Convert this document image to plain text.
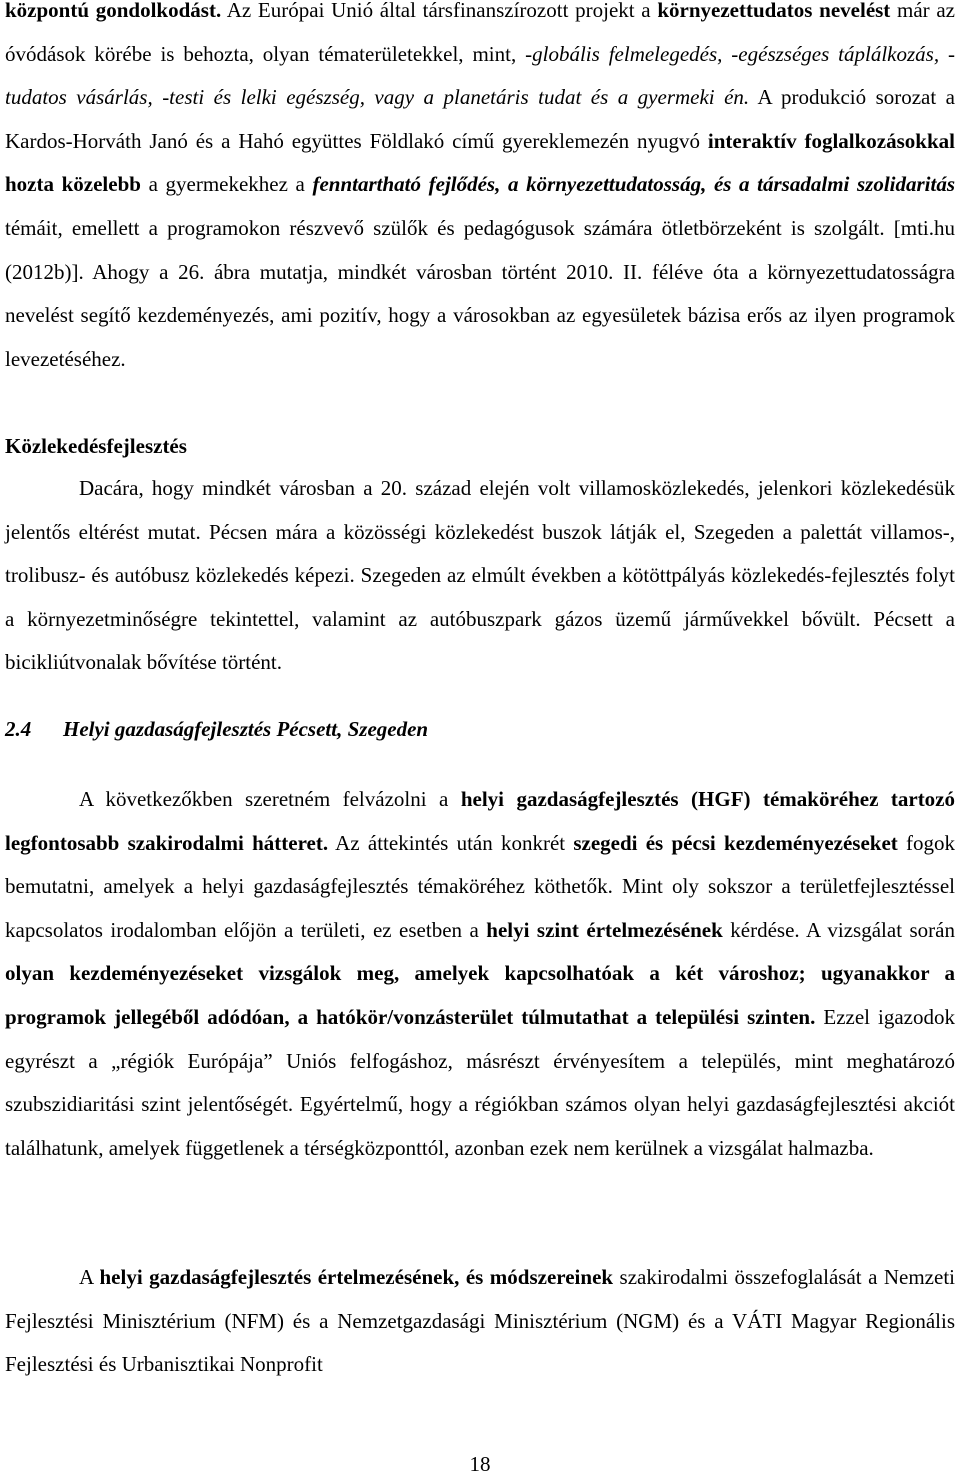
központú gondolkodást. Az Európai Unió által társfinanszírozott projekt a környezettudatos nevelést már az óvódások körébe is behozta, olyan tématerületekkel, mint, -globális felmelegedés, -egészséges táplálkozás, -tudatos vásárlás, -testi és lelki egészség, vagy a planetáris tudat és a gyermeki én. A produkció sorozat a Kardos-Horváth Janó és a Hahó együttes Földlakó című gyereklemezén nyugvó interaktív foglalkozásokkal hozta közelebb a gyermekekhez a fenntartható fejlődés, a környezettudatosság, és a társadalmi szolidaritás témáit, emellett a programokon részvevő szülők és pedagógusok számára ötletbörzeként is szolgált. [mti.hu (2012b)]. Ahogy a 26. ábra mutatja, mindkét városban történt 2010. II. féléve óta a környezettudatosságra nevelést segítő kezdeményezés, ami pozitív, hogy a városokban az egyesületek bázisa erős az ilyen programok levezetéséhez.
Közlekedésfejlesztés
Dacára, hogy mindkét városban a 20. század elején volt villamosközlekedés, jelenkori közlekedésük jelentős eltérést mutat. Pécsen mára a közösségi közlekedést buszok látják el, Szegeden a palettát villamos-, trolibusz- és autóbusz közlekedés képezi. Szegeden az elmúlt években a kötöttpályás közlekedés-fejlesztés folyt a környezetminőségre tekintettel, valamint az autóbuszpark gázos üzemű járművekkel bővült. Pécsett a bicikliútvonalak bővítése történt.
2.4 Helyi gazdaságfejlesztés Pécsett, Szegeden
A következőkben szeretném felvázolni a helyi gazdaságfejlesztés (HGF) témaköréhez tartozó legfontosabb szakirodalmi hátteret. Az áttekintés után konkrét szegedi és pécsi kezdeményezéseket fogok bemutatni, amelyek a helyi gazdaságfejlesztés témaköréhez köthetők. Mint oly sokszor a területfejlesztéssel kapcsolatos irodalomban előjön a területi, ez esetben a helyi szint értelmezésének kérdése. A vizsgálat során olyan kezdeményezéseket vizsgálok meg, amelyek kapcsolhatóak a két városhoz; ugyanakkor a programok jellegéből adódóan, a hatókör/vonzásterület túlmutathat a települési szinten. Ezzel igazodok egyrészt a „régiók Európája” Uniós felfogáshoz, másrészt érvényesítem a település, mint meghatározó szubszidiaritási szint jelentőségét. Egyértelmű, hogy a régiókban számos olyan helyi gazdaságfejlesztési akciót találhatunk, amelyek függetlenek a térségközponttól, azonban ezek nem kerülnek a vizsgálat halmazba.
A helyi gazdaságfejlesztés értelmezésének, és módszereinek szakirodalmi összefoglalását a Nemzeti Fejlesztési Minisztérium (NFM) és a Nemzetgazdasági Minisztérium (NGM) és a VÁTI Magyar Regionális Fejlesztési és Urbanisztikai Nonprofit
18
